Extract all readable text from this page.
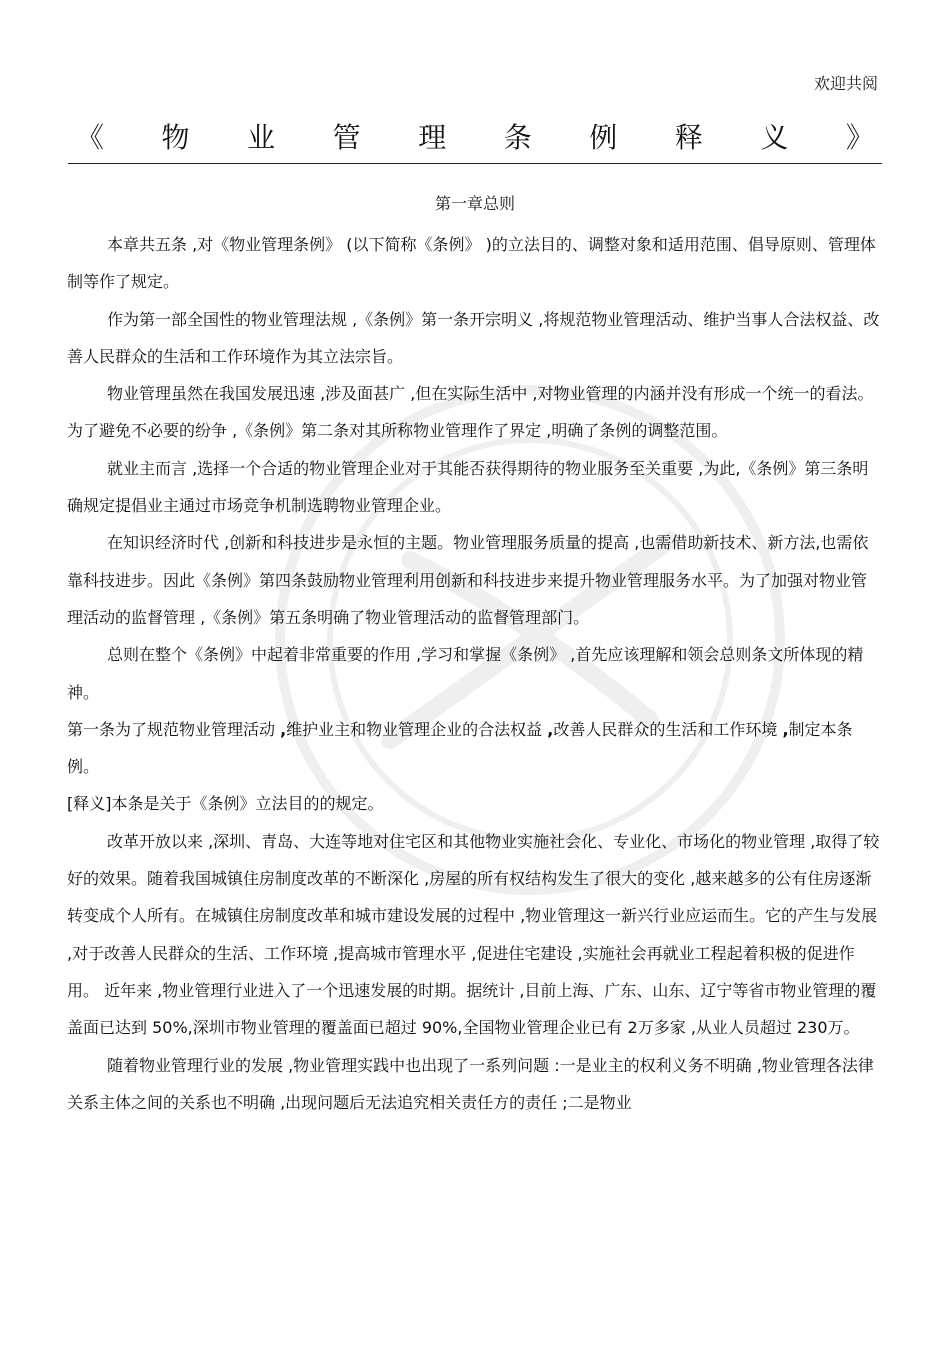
欢迎共阅
《 物 业 管 理 条 例 释 义 》
第一章总则

本章共五条 ,对《物业管理条例》 (以下简称《条例》 )的立法目的、调整对象和适用范围、倡导原则、管理体制等作了规定。

作为第一部全国性的物业管理法规 ,《条例》第一条开宗明义 ,将规范物业管理活动、维护当事人合法权益、改善人民群众的生活和工作环境作为其立法宗旨。

物业管理虽然在我国发展迅速 ,涉及面甚广 ,但在实际生活中 ,对物业管理的内涵并没有形成一个统一的看法。为了避免不必要的纷争 ,《条例》第二条对其所称物业管理作了界定 ,明确了条例的调整范围。

就业主而言 ,选择一个合适的物业管理企业对于其能否获得期待的物业服务至关重要 ,为此,《条例》第三条明确规定提倡业主通过市场竞争机制选聘物业管理企业。

在知识经济时代 ,创新和科技进步是永恒的主题。物业管理服务质量的提高 ,也需借助新技术、新方法,也需依靠科技进步。因此《条例》第四条鼓励物业管理利用创新和科技进步来提升物业管理服务水平。为了加强对物业管理活动的监督管理 ,《条例》第五条明确了物业管理活动的监督管理部门。

总则在整个《条例》中起着非常重要的作用 ,学习和掌握《条例》 ,首先应该理解和领会总则条文所体现的精神。

第一条为了规范物业管理活动 ,维护业主和物业管理企业的合法权益 ,改善人民群众的生活和工作环境 ,制定本条例。

[释义]本条是关于《条例》立法目的的规定。

改革开放以来 ,深圳、青岛、大连等地对住宅区和其他物业实施社会化、专业化、市场化的物业管理 ,取得了较好的效果。随着我国城镇住房制度改革的不断深化 ,房屋的所有权结构发生了很大的变化 ,越来越多的公有住房逐渐转变成个人所有。在城镇住房制度改革和城市建设发展的过程中 ,物业管理这一新兴行业应运而生。它的产生与发展 ,对于改善人民群众的生活、工作环境 ,提高城市管理水平 ,促进住宅建设 ,实施社会再就业工程起着积极的促进作用。 近年来 ,物业管理行业进入了一个迅速发展的时期。据统计 ,目前上海、广东、山东、辽宁等省市物业管理的覆盖面已达到 50%,深圳市物业管理的覆盖面已超过 90%,全国物业管理企业已有 2万多家 ,从业人员超过 230万。

随着物业管理行业的发展 ,物业管理实践中也出现了一系列问题 :一是业主的权利义务不明确 ,物业管理各法律关系主体之间的关系也不明确 ,出现问题后无法追究相关责任方的责任 ;二是物业
